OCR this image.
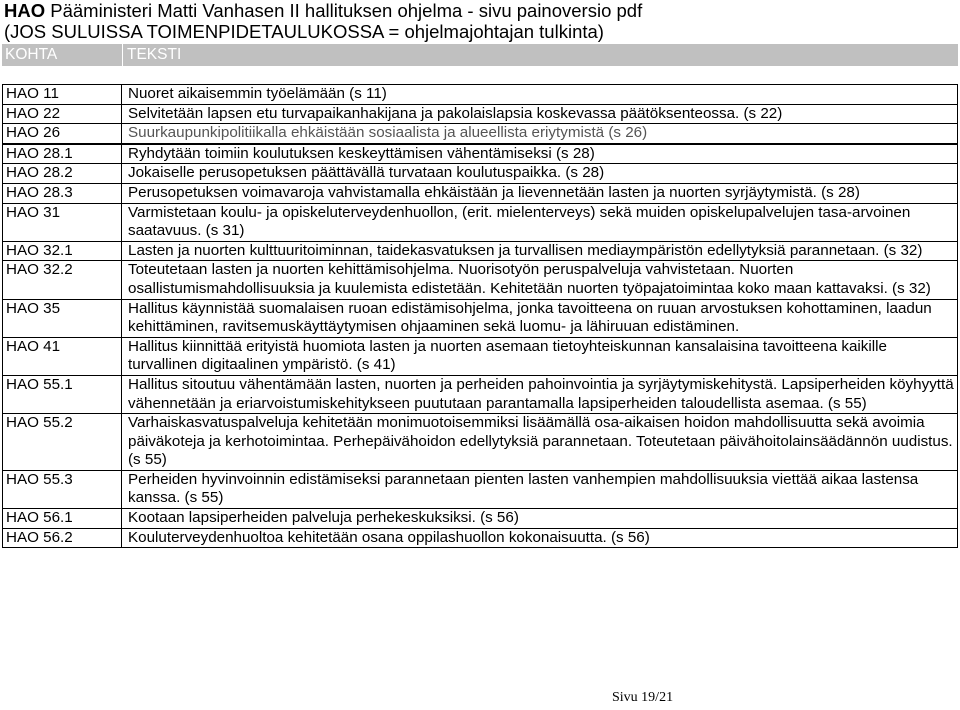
HAO Pääministeri Matti Vanhasen II hallituksen ohjelma - sivu painoversio pdf
(JOS SULUISSA TOIMENPIDETAULUKOSSA = ohjelmajohtajan tulkinta)
KOHTA	TEKSTI
HAO 11	Nuoret aikaisemmin työelämään (s 11)
HAO 22	Selvitetään lapsen etu turvapaikanhakijana ja pakolaislapsia koskevassa päätöksenteossa. (s 22)
HAO 26	Suurkaupunkipolitiikalla ehkäistään sosiaalista ja alueellista eriytymistä (s 26)
HAO 28.1	Ryhdytään toimiin koulutuksen keskeyttämisen vähentämiseksi (s 28)
HAO 28.2	Jokaiselle perusopetuksen päättävällä turvataan koulutuspaikka. (s 28)
HAO 28.3	Perusopetuksen voimavaroja vahvistamalla ehkäistään ja lievennetään lasten ja nuorten syrjäytymistä. (s 28)
HAO 31	Varmistetaan koulu- ja opiskeluterveydenhuollon, (erit. mielenterveys) sekä muiden opiskelupalvelujen tasa-arvoinen saatavuus. (s 31)
HAO 32.1	Lasten ja nuorten kulttuuritoiminnan, taidekasvatuksen ja turvallisen mediaympäristön edellytyksiä parannetaan. (s 32)
HAO 32.2	Toteutetaan lasten ja nuorten kehittämisohjelma. Nuorisotyön peruspalveluja vahvistetaan. Nuorten osallistumismahdollisuuksia ja kuulemista edistetään. Kehitetään nuorten työpajatoimintaa koko maan kattavaksi. (s 32)
HAO 35	Hallitus käynnistää suomalaisen ruoan edistämisohjelma, jonka tavoitteena on ruuan arvostuksen kohottaminen, laadun kehittäminen, ravitsemuskäyttäytymisen ohjaaminen sekä luomu- ja lähiruuan edistäminen.
HAO 41	Hallitus kiinnittää erityistä huomiota lasten ja nuorten asemaan tietoyhteiskunnan kansalaisina tavoitteena kaikille turvallinen digitaalinen ympäristö. (s 41)
HAO 55.1	Hallitus sitoutuu vähentämään lasten, nuorten ja perheiden pahoinvointia ja syrjäytymiskehitystä. Lapsiperheiden köyhyyttä vähennetään ja eriarvoistumiskehitykseen puututaan parantamalla lapsiperheiden taloudellista asemaa. (s 55)
HAO 55.2	Varhaiskasvatuspalveluja kehitetään monimuotoisemmiksi lisäämällä osa-aikaisen hoidon mahdollisuutta sekä avoimia päiväkoteja ja kerhotoimintaa. Perhepäivähoidon edellytyksiä parannetaan. Toteutetaan päivähoitolainsäädännön uudistus. (s 55)
HAO 55.3	Perheiden hyvinvoinnin edistämiseksi parannetaan pienten lasten vanhempien mahdollisuuksia viettää aikaa lastensa kanssa. (s 55)
HAO 56.1	Kootaan lapsiperheiden palveluja perhekeskuksiksi. (s 56)
HAO 56.2	Kouluterveydenhuoltoa kehitetään osana oppilashuollon kokonaisuutta. (s 56)
Sivu 19/21
